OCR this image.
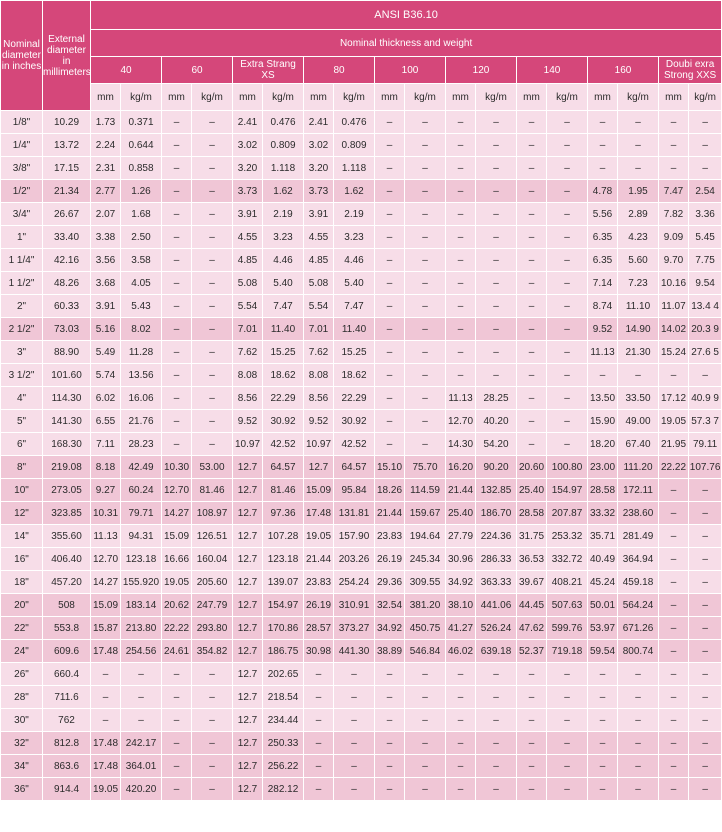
Nominal diameter in inches	External diameter in millimeters	ANSI B36.10																	
		Nominal thickness and weight																	
		40		60		Extra Strang XS		80		100		120		140		160		Doubi exra Strong XXS	
		mm	kg/m	mm	kg/m	mm	kg/m	mm	kg/m	mm	kg/m	mm	kg/m	mm	kg/m	mm	kg/m	mm	kg/m
1/8"	10.29	1.73	0.371	–	–	2.41	0.476	2.41	0.476	–	–	–	–	–	–	–	–	–	–
1/4"	13.72	2.24	0.644	–	–	3.02	0.809	3.02	0.809	–	–	–	–	–	–	–	–	–	–
3/8"	17.15	2.31	0.858	–	–	3.20	1.118	3.20	1.118	–	–	–	–	–	–	–	–	–	–
1/2"	21.34	2.77	1.26	–	–	3.73	1.62	3.73	1.62	–	–	–	–	–	–	4.78	1.95	7.47	2.54
3/4"	26.67	2.07	1.68	–	–	3.91	2.19	3.91	2.19	–	–	–	–	–	–	5.56	2.89	7.82	3.36
1"	33.40	3.38	2.50	–	–	4.55	3.23	4.55	3.23	–	–	–	–	–	–	6.35	4.23	9.09	5.45
1 1/4"	42.16	3.56	3.58	–	–	4.85	4.46	4.85	4.46	–	–	–	–	–	–	6.35	5.60	9.70	7.75
1 1/2"	48.26	3.68	4.05	–	–	5.08	5.40	5.08	5.40	–	–	–	–	–	–	7.14	7.23	10.16	9.54
2"	60.33	3.91	5.43	–	–	5.54	7.47	5.54	7.47	–	–	–	–	–	–	8.74	11.10	11.07	13.4 4
2 1/2"	73.03	5.16	8.02	–	–	7.01	11.40	7.01	11.40	–	–	–	–	–	–	9.52	14.90	14.02	20.3 9
3"	88.90	5.49	11.28	–	–	7.62	15.25	7.62	15.25	–	–	–	–	–	–	11.13	21.30	15.24	27.6 5
3 1/2"	101.60	5.74	13.56	–	–	8.08	18.62	8.08	18.62	–	–	–	–	–	–	–	–	–	–
4"	114.30	6.02	16.06	–	–	8.56	22.29	8.56	22.29	–	–	11.13	28.25	–	–	13.50	33.50	17.12	40.9 9
5"	141.30	6.55	21.76	–	–	9.52	30.92	9.52	30.92	–	–	12.70	40.20	–	–	15.90	49.00	19.05	57.3 7
6"	168.30	7.11	28.23	–	–	10.97	42.52	10.97	42.52	–	–	14.30	54.20	–	–	18.20	67.40	21.95	79.11
8"	219.08	8.18	42.49	10.30	53.00	12.7	64.57	12.7	64.57	15.10	75.70	16.20	90.20	20.60	100.80	23.00	111.20	22.22	107.76
10"	273.05	9.27	60.24	12.70	81.46	12.7	81.46	15.09	95.84	18.26	114.59	21.44	132.85	25.40	154.97	28.58	172.11	–	–
12"	323.85	10.31	79.71	14.27	108.97	12.7	97.36	17.48	131.81	21.44	159.67	25.40	186.70	28.58	207.87	33.32	238.60	–	–
14"	355.60	11.13	94.31	15.09	126.51	12.7	107.28	19.05	157.90	23.83	194.64	27.79	224.36	31.75	253.32	35.71	281.49	–	–
16"	406.40	12.70	123.18	16.66	160.04	12.7	123.18	21.44	203.26	26.19	245.34	30.96	286.33	36.53	332.72	40.49	364.94	–	–
18"	457.20	14.27	155.920	19.05	205.60	12.7	139.07	23.83	254.24	29.36	309.55	34.92	363.33	39.67	408.21	45.24	459.18	–	–
20"	508	15.09	183.14	20.62	247.79	12.7	154.97	26.19	310.91	32.54	381.20	38.10	441.06	44.45	507.63	50.01	564.24	–	–
22"	553.8	15.87	213.80	22.22	293.80	12.7	170.86	28.57	373.27	34.92	450.75	41.27	526.24	47.62	599.76	53.97	671.26	–	–
24"	609.6	17.48	254.56	24.61	354.82	12.7	186.75	30.98	441.30	38.89	546.84	46.02	639.18	52.37	719.18	59.54	800.74	–	–
26"	660.4	–	–	–	–	12.7	202.65	–	–	–	–	–	–	–	–	–	–	–	–
28"	711.6	–	–	–	–	12.7	218.54	–	–	–	–	–	–	–	–	–	–	–	–
30"	762	–	–	–	–	12.7	234.44	–	–	–	–	–	–	–	–	–	–	–	–
32"	812.8	17.48	242.17	–	–	12.7	250.33	–	–	–	–	–	–	–	–	–	–	–	–
34"	863.6	17.48	364.01	–	–	12.7	256.22	–	–	–	–	–	–	–	–	–	–	–	–
36"	914.4	19.05	420.20	–	–	12.7	282.12	–	–	–	–	–	–	–	–	–	–	–	–
